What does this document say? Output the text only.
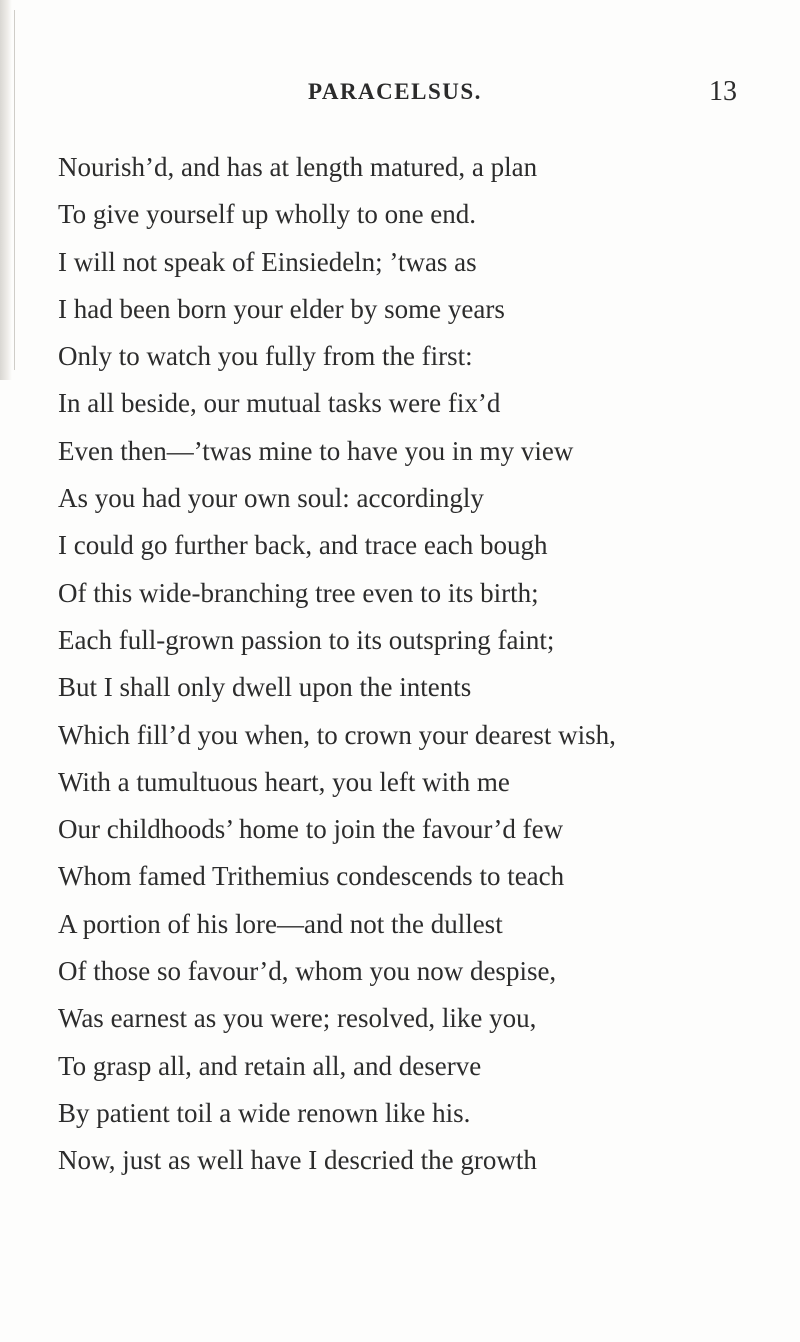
PARACELSUS.	13
Nourish’d, and has at length matured, a plan
To give yourself up wholly to one end.
I will not speak of Einsiedeln; ’twas as
I had been born your elder by some years
Only to watch you fully from the first:
In all beside, our mutual tasks were fix’d
Even then—’twas mine to have you in my view
As you had your own soul: accordingly
I could go further back, and trace each bough
Of this wide-branching tree even to its birth;
Each full-grown passion to its outspring faint;
But I shall only dwell upon the intents
Which fill’d you when, to crown your dearest wish,
With a tumultuous heart, you left with me
Our childhoods’ home to join the favour’d few
Whom famed Trithemius condescends to teach
A portion of his lore—and not the dullest
Of those so favour’d, whom you now despise,
Was earnest as you were; resolved, like you,
To grasp all, and retain all, and deserve
By patient toil a wide renown like his.
Now, just as well have I descried the growth
